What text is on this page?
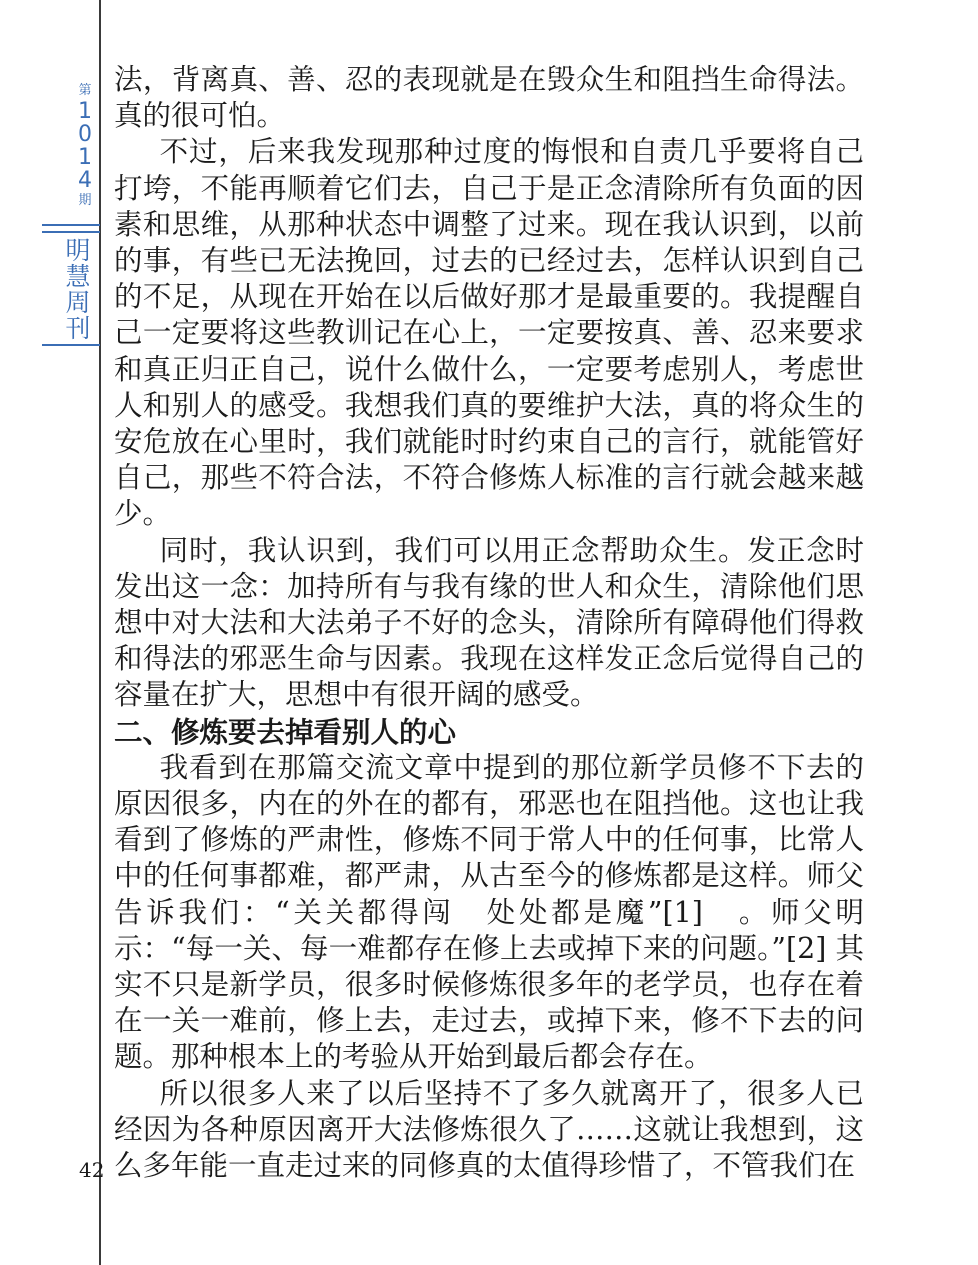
第
1
0
1
4
期
明
慧
周
刊

法，背离真、善、忍的表现就是在毁众生和阻挡生命得法。真的很可怕。

不过，后来我发现那种过度的悔恨和自责几乎要将自己打垮，不能再顺着它们去，自己于是正念清除所有负面的因素和思维，从那种状态中调整了过来。现在我认识到，以前的事，有些已无法挽回，过去的已经过去，怎样认识到自己的不足，从现在开始在以后做好那才是最重要的。我提醒自己一定要将这些教训记在心上，一定要按真、善、忍来要求和真正归正自己，说什么做什么，一定要考虑别人，考虑世人和别人的感受。我想我们真的要维护大法，真的将众生的安危放在心里时，我们就能时时约束自己的言行，就能管好自己，那些不符合法，不符合修炼人标准的言行就会越来越少。

同时，我认识到，我们可以用正念帮助众生。发正念时发出这一念：加持所有与我有缘的世人和众生，清除他们思想中对大法和大法弟子不好的念头，清除所有障碍他们得救和得法的邪恶生命与因素。我现在这样发正念后觉得自己的容量在扩大，思想中有很开阔的感受。

二、修炼要去掉看别人的心

我看到在那篇交流文章中提到的那位新学员修不下去的原因很多，内在的外在的都有，邪恶也在阻挡他。这也让我看到了修炼的严肃性，修炼不同于常人中的任何事，比常人中的任何事都难，都严肃，从古至今的修炼都是这样。师父告诉我们：“关关都得闯　处处都是魔”[1]　。师父明示：“每一关、每一难都存在修上去或掉下来的问题。”[2] 其实不只是新学员，很多时候修炼很多年的老学员，也存在着在一关一难前，修上去，走过去，或掉下来，修不下去的问题。那种根本上的考验从开始到最后都会存在。

所以很多人来了以后坚持不了多久就离开了，很多人已经因为各种原因离开大法修炼很久了……这就让我想到，这么多年能一直走过来的同修真的太值得珍惜了，不管我们在

42
